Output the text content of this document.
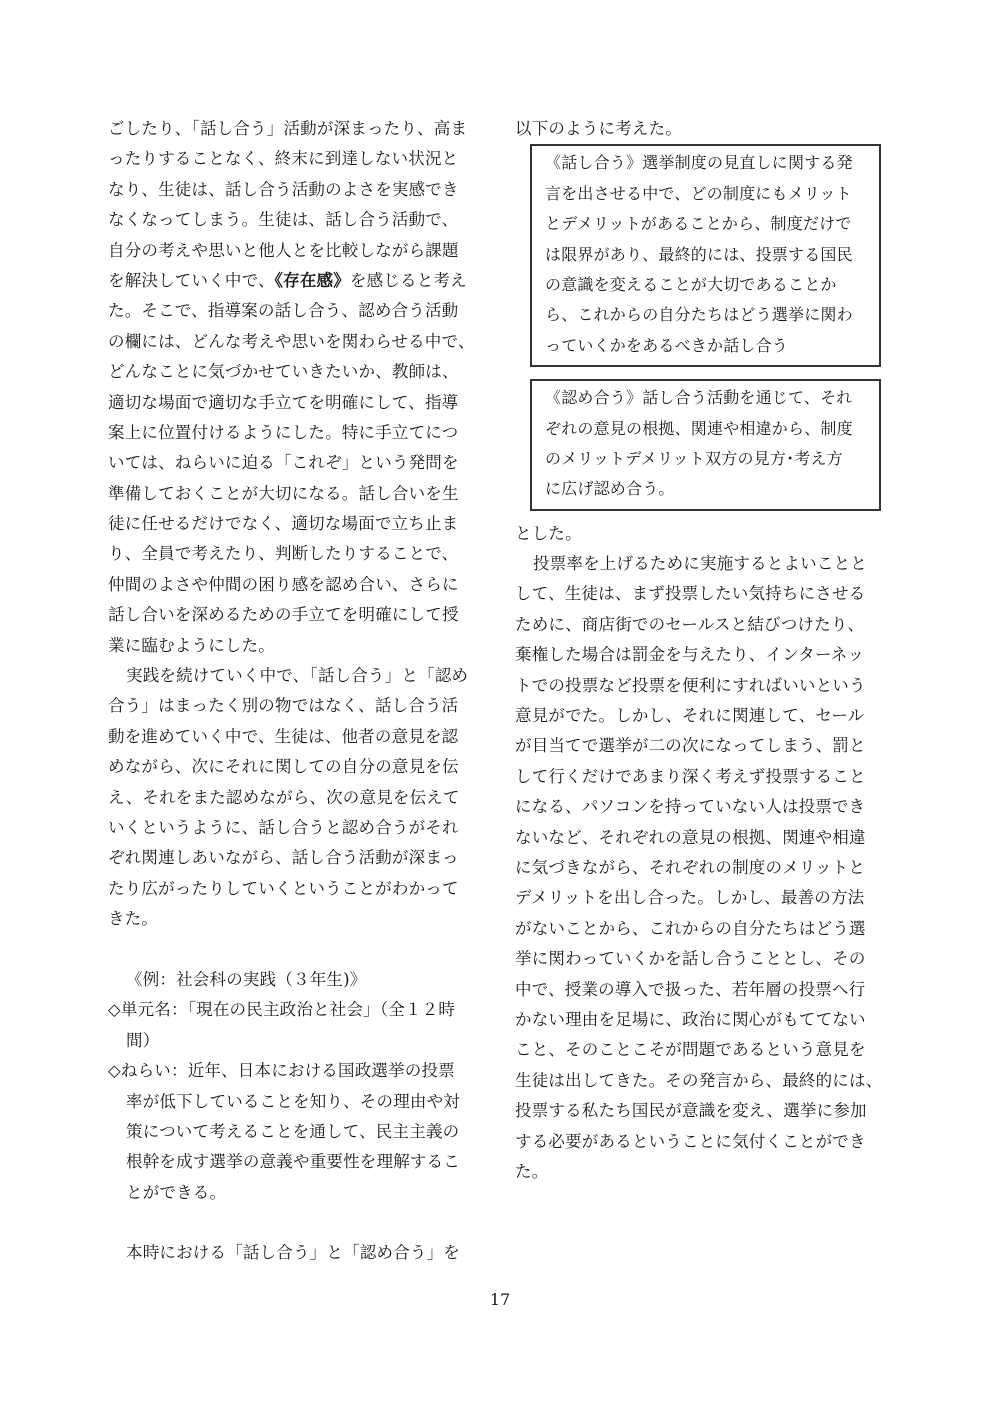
ごしたり、「話し合う」活動が深まったり、高ま
ったりすることなく、終末に到達しない状況と
なり、生徒は、話し合う活動のよさを実感でき
なくなってしまう。生徒は、話し合う活動で、
自分の考えや思いと他人とを比較しながら課題
を解決していく中で、《存在感》を感じると考え
た。そこで、指導案の話し合う、認め合う活動
の欄には、どんな考えや思いを関わらせる中で、
どんなことに気づかせていきたいか、教師は、
適切な場面で適切な手立てを明確にして、指導
案上に位置付けるようにした。特に手立てにつ
いては、ねらいに迫る「これぞ」という発問を
準備しておくことが大切になる。話し合いを生
徒に任せるだけでなく、適切な場面で立ち止ま
り、全員で考えたり、判断したりすることで、
仲間のよさや仲間の困り感を認め合い、さらに
話し合いを深めるための手立てを明確にして授
業に臨むようにした。
実践を続けていく中で、「話し合う」と「認め
合う」はまったく別の物ではなく、話し合う活
動を進めていく中で、生徒は、他者の意見を認
めながら、次にそれに関しての自分の意見を伝
え、それをまた認めながら、次の意見を伝えて
いくというように、話し合うと認め合うがそれ
ぞれ関連しあいながら、話し合う活動が深まっ
たり広がったりしていくということがわかって
きた。
《例：社会科の実践（３年生)》
◇単元名：「現在の民主政治と社会」（全１２時
間）
◇ねらい：近年、日本における国政選挙の投票
率が低下していることを知り、その理由や対
策について考えることを通して、民主主義の
根幹を成す選挙の意義や重要性を理解するこ
とができる。
本時における「話し合う」と「認め合う」を
以下のように考えた。
《話し合う》選挙制度の見直しに関する発
言を出させる中で、どの制度にもメリット
とデメリットがあることから、制度だけで
は限界があり、最終的には、投票する国民
の意識を変えることが大切であることか
ら、これからの自分たちはどう選挙に関わ
っていくかをあるべきか話し合う
《認め合う》話し合う活動を通じて、それ
ぞれの意見の根拠、関連や相違から、制度
のメリットデメリット双方の見方･考え方
に広げ認め合う。
とした。
投票率を上げるために実施するとよいことと
して、生徒は、まず投票したい気持ちにさせる
ために、商店街でのセールスと結びつけたり、
棄権した場合は罰金を与えたり、インターネッ
トでの投票など投票を便利にすればいいという
意見がでた。しかし、それに関連して、セール
が目当てで選挙が二の次になってしまう、罰と
して行くだけであまり深く考えず投票すること
になる、パソコンを持っていない人は投票でき
ないなど、それぞれの意見の根拠、関連や相違
に気づきながら、それぞれの制度のメリットと
デメリットを出し合った。しかし、最善の方法
がないことから、これからの自分たちはどう選
挙に関わっていくかを話し合うこととし、その
中で、授業の導入で扱った、若年層の投票へ行
かない理由を足場に、政治に関心がもててない
こと、そのことこそが問題であるという意見を
生徒は出してきた。その発言から、最終的には、
投票する私たち国民が意識を変え、選挙に参加
する必要があるということに気付くことができ
た。
17
